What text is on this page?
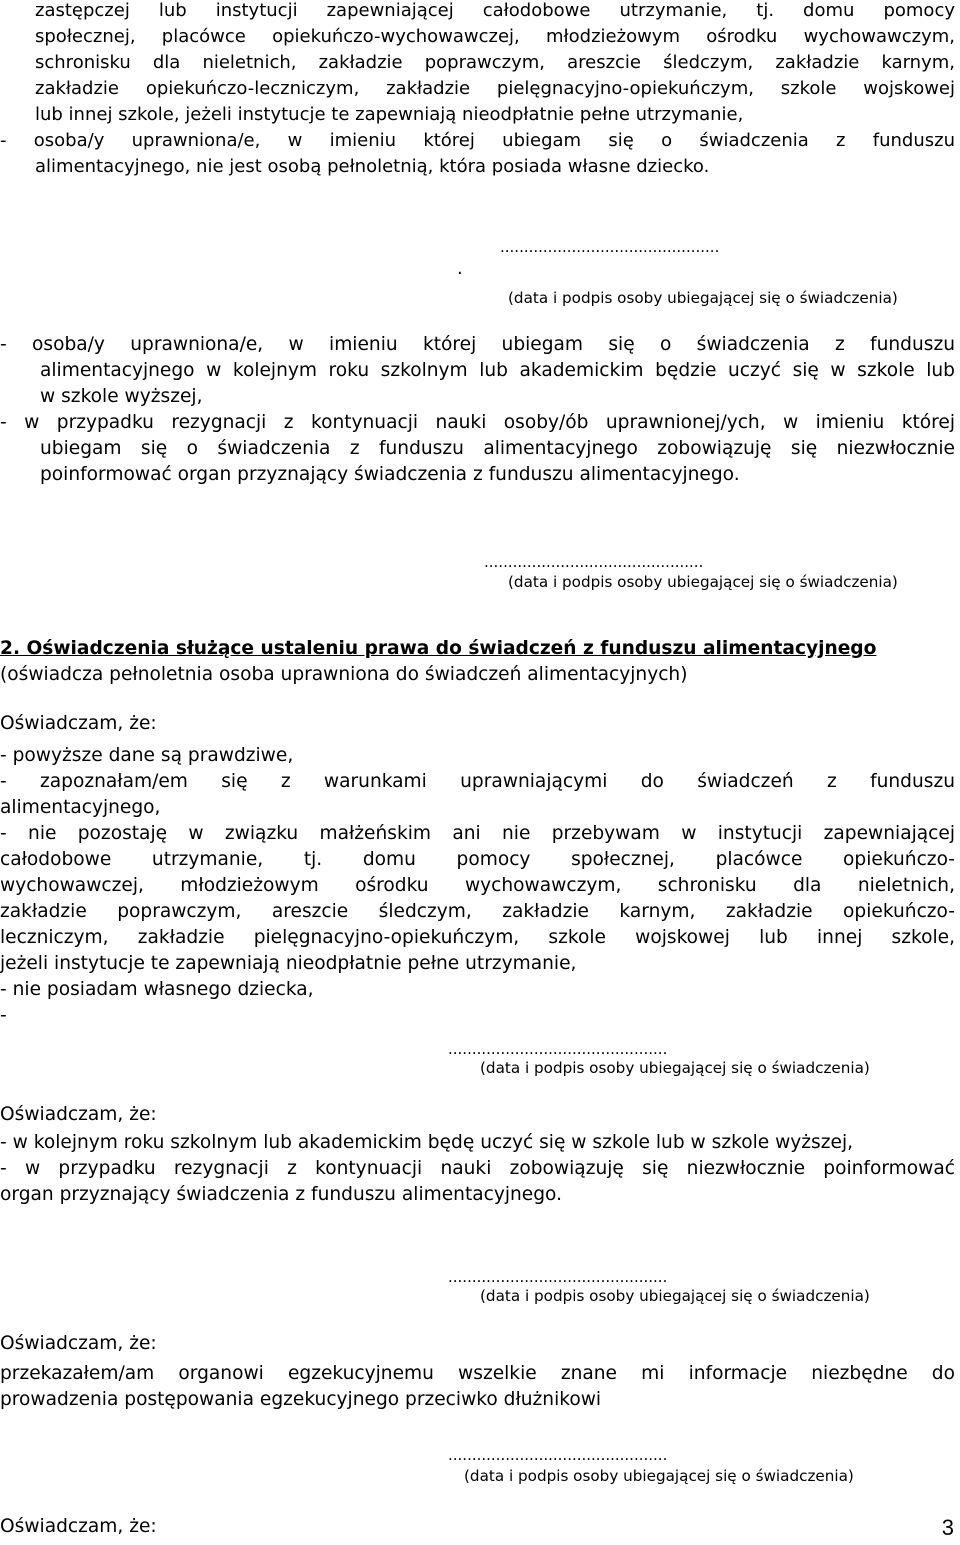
zastępczej lub instytucji zapewniającej całodobowe utrzymanie, tj. domu pomocy
społecznej, placówce opiekuńczo-wychowawczej, młodzieżowym ośrodku wychowawczym,
schronisku dla nieletnich, zakładzie poprawczym, areszcie śledczym, zakładzie karnym,
zakładzie opiekuńczo-leczniczym, zakładzie pielęgnacyjno-opiekuńczym, szkole wojskowej
lub innej szkole, jeżeli instytucje te zapewniają nieodpłatnie pełne utrzymanie,
- osoba/y uprawniona/e, w imieniu której ubiegam się o świadczenia z funduszu
alimentacyjnego, nie jest osobą pełnoletnią, która posiada własne dziecko.
..............................................
.
(data i podpis osoby ubiegającej się o świadczenia)
- osoba/y uprawniona/e, w imieniu której ubiegam się o świadczenia z funduszu
alimentacyjnego w kolejnym roku szkolnym lub akademickim będzie uczyć się w szkole lub
w szkole wyższej,
- w przypadku rezygnacji z kontynuacji nauki osoby/ób uprawnionej/ych, w imieniu której
ubiegam się o świadczenia z funduszu alimentacyjnego zobowiązuję się niezwłocznie
poinformować organ przyznający świadczenia z funduszu alimentacyjnego.
..............................................
(data i podpis osoby ubiegającej się o świadczenia)
2. Oświadczenia służące ustaleniu prawa do świadczeń z funduszu alimentacyjnego
(oświadcza pełnoletnia osoba uprawniona do świadczeń alimentacyjnych)
Oświadczam, że:
- powyższe dane są prawdziwe,
- zapoznałam/em się z warunkami uprawniającymi do świadczeń z funduszu
alimentacyjnego,
- nie pozostaję w związku małżeńskim ani nie przebywam w instytucji zapewniającej
całodobowe utrzymanie, tj. domu pomocy społecznej, placówce opiekuńczo-
wychowawczej, młodzieżowym ośrodku wychowawczym, schronisku dla nieletnich,
zakładzie poprawczym, areszcie śledczym, zakładzie karnym, zakładzie opiekuńczo-
leczniczym, zakładzie pielęgnacyjno-opiekuńczym, szkole wojskowej lub innej szkole,
jeżeli instytucje te zapewniają nieodpłatnie pełne utrzymanie,
- nie posiadam własnego dziecka,
-
..............................................
(data i podpis osoby ubiegającej się o świadczenia)
Oświadczam, że:
- w kolejnym roku szkolnym lub akademickim będę uczyć się w szkole lub w szkole wyższej,
- w przypadku rezygnacji z kontynuacji nauki zobowiązuję się niezwłocznie poinformować
organ przyznający świadczenia z funduszu alimentacyjnego.
..............................................
(data i podpis osoby ubiegającej się o świadczenia)
Oświadczam, że:
przekazałem/am organowi egzekucyjnemu wszelkie znane mi informacje niezbędne do
prowadzenia postępowania egzekucyjnego przeciwko dłużnikowi
..............................................
(data i podpis osoby ubiegającej się o świadczenia)
Oświadczam, że:	3
